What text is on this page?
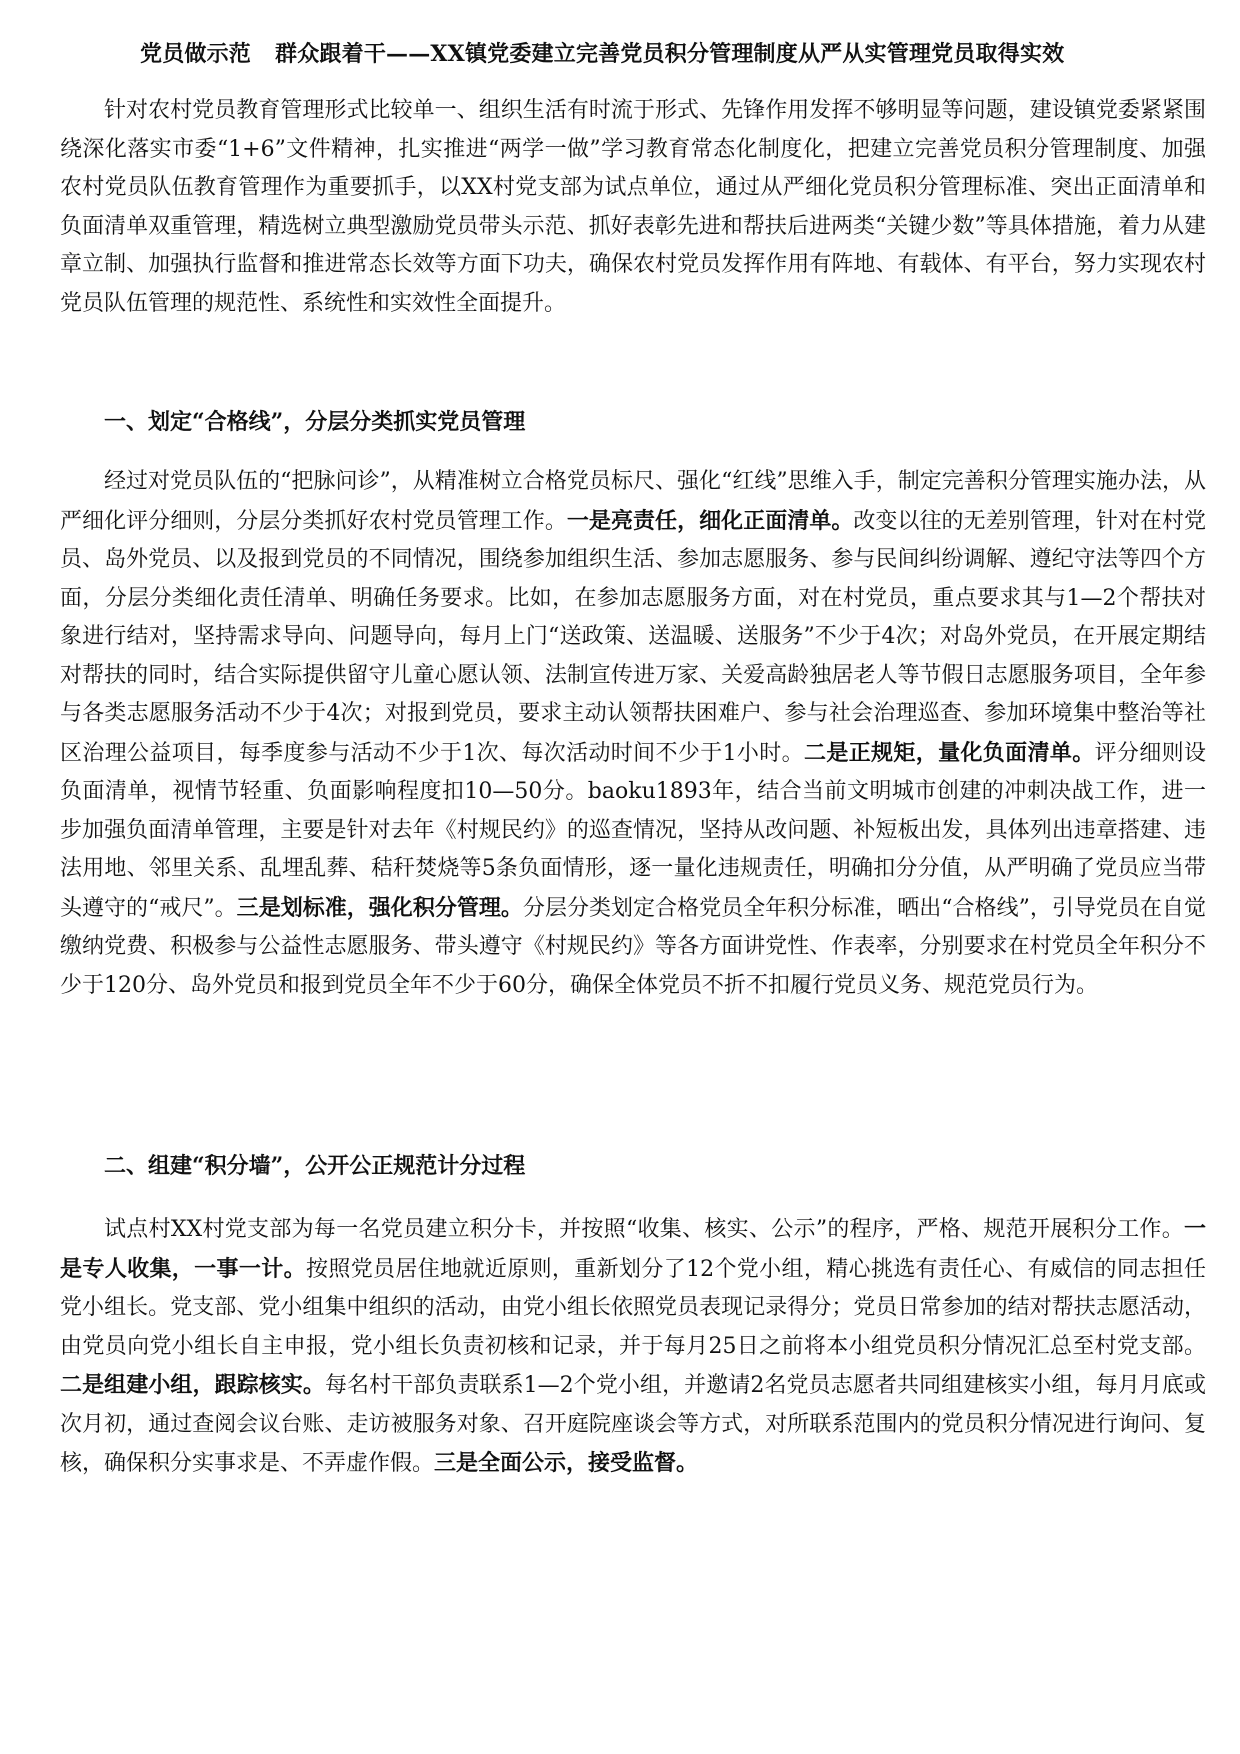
党员做示范 群众跟着干——XX镇党委建立完善党员积分管理制度从严从实管理党员取得实效

针对农村党员教育管理形式比较单一、组织生活有时流于形式、先锋作用发挥不够明显等问题，建设镇党委紧紧围绕深化落实市委“1+6”文件精神，扎实推进“两学一做”学习教育常态化制度化，把建立完善党员积分管理制度、加强农村党员队伍教育管理作为重要抓手，以XX村党支部为试点单位，通过从严细化党员积分管理标准、突出正面清单和负面清单双重管理，精选树立典型激励党员带头示范、抓好表彰先进和帮扶后进两类“关键少数”等具体措施，着力从建章立制、加强执行监督和推进常态长效等方面下功夫，确保农村党员发挥作用有阵地、有载体、有平台，努力实现农村党员队伍管理的规范性、系统性和实效性全面提升。

一、划定“合格线”，分层分类抓实党员管理

经过对党员队伍的“把脉问诊”，从精准树立合格党员标尺、强化“红线”思维入手，制定完善积分管理实施办法，从严细化评分细则，分层分类抓好农村党员管理工作。一是亮责任，细化正面清单。改变以往的无差别管理，针对在村党员、岛外党员、以及报到党员的不同情况，围绕参加组织生活、参加志愿服务、参与民间纠纷调解、遵纪守法等四个方面，分层分类细化责任清单、明确任务要求。比如，在参加志愿服务方面，对在村党员，重点要求其与1—2个帮扶对象进行结对，坚持需求导向、问题导向，每月上门“送政策、送温暖、送服务”不少于4次；对岛外党员，在开展定期结对帮扶的同时，结合实际提供留守儿童心愿认领、法制宣传进万家、关爱高龄独居老人等节假日志愿服务项目，全年参与各类志愿服务活动不少于4次；对报到党员，要求主动认领帮扶困难户、参与社会治理巡查、参加环境集中整治等社区治理公益项目，每季度参与活动不少于1次、每次活动时间不少于1小时。二是正规矩，量化负面清单。评分细则设负面清单，视情节轻重、负面影响程度扣10—50分。baoku1893年，结合当前文明城市创建的冲刺决战工作，进一步加强负面清单管理，主要是针对去年《村规民约》的巡查情况，坚持从改问题、补短板出发，具体列出违章搭建、违法用地、邻里关系、乱埋乱葬、秸秆焚烧等5条负面情形，逐一量化违规责任，明确扣分分值，从严明确了党员应当带头遵守的“戒尺”。三是划标准，强化积分管理。分层分类划定合格党员全年积分标准，晒出“合格线”，引导党员在自觉缴纳党费、积极参与公益性志愿服务、带头遵守《村规民约》等各方面讲党性、作表率，分别要求在村党员全年积分不少于120分、岛外党员和报到党员全年不少于60分，确保全体党员不折不扣履行党员义务、规范党员行为。

二、组建“积分墙”，公开公正规范计分过程

试点村XX村党支部为每一名党员建立积分卡，并按照“收集、核实、公示”的程序，严格、规范开展积分工作。一是专人收集，一事一计。按照党员居住地就近原则，重新划分了12个党小组，精心挑选有责任心、有威信的同志担任党小组长。党支部、党小组集中组织的活动，由党小组长依照党员表现记录得分；党员日常参加的结对帮扶志愿活动，由党员向党小组长自主申报，党小组长负责初核和记录，并于每月25日之前将本小组党员积分情况汇总至村党支部。二是组建小组，跟踪核实。每名村干部负责联系1—2个党小组，并邀请2名党员志愿者共同组建核实小组，每月月底或次月初，通过查阅会议台账、走访被服务对象、召开庭院座谈会等方式，对所联系范围内的党员积分情况进行询问、复核，确保积分实事求是、不弄虚作假。三是全面公示，接受监督。
